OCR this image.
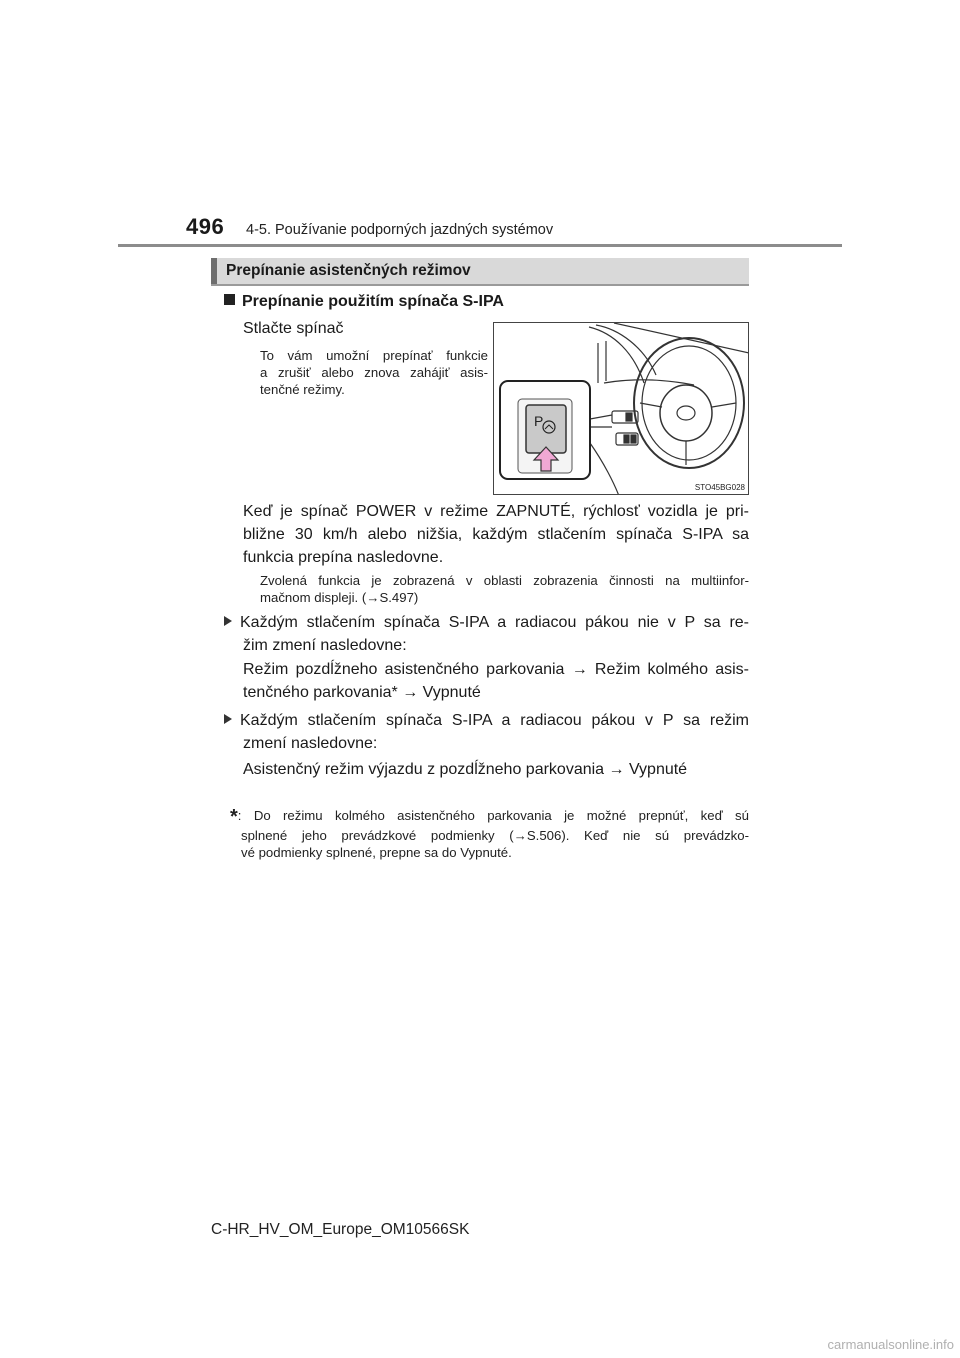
496 4-5. Používanie podporných jazdných systémov
Prepínanie asistenčných režimov
Prepínanie použitím spínača S-IPA
Stlačte spínač
To vám umožní prepínať funkcie
a zrušiť alebo znova zahájiť asis-
tenčné režimy.
P
STO45BG028
Keď je spínač POWER v režime ZAPNUTÉ, rýchlosť vozidla je pri-
bližne 30 km/h alebo nižšia, každým stlačením spínača S-IPA sa
funkcia prepína nasledovne.
Zvolená funkcia je zobrazená v oblasti zobrazenia činnosti na multiinfor-
mačnom displeji. (→S.497)
Každým stlačením spínača S-IPA a radiacou pákou nie v P sa re-
žim zmení nasledovne:
Režim pozdĺžneho asistenčného parkovania → Režim kolmého asis-
tenčného parkovania* → Vypnuté
Každým stlačením spínača S-IPA a radiacou pákou v P sa režim
zmení nasledovne:
Asistenčný režim výjazdu z pozdĺžneho parkovania → Vypnuté
*: Do režimu kolmého asistenčného parkovania je možné prepnúť, keď sú
splnené jeho prevádzkové podmienky (→S.506). Keď nie sú prevádzko-
vé podmienky splnené, prepne sa do Vypnuté.
C-HR_HV_OM_Europe_OM10566SK
carmanualsonline.info
